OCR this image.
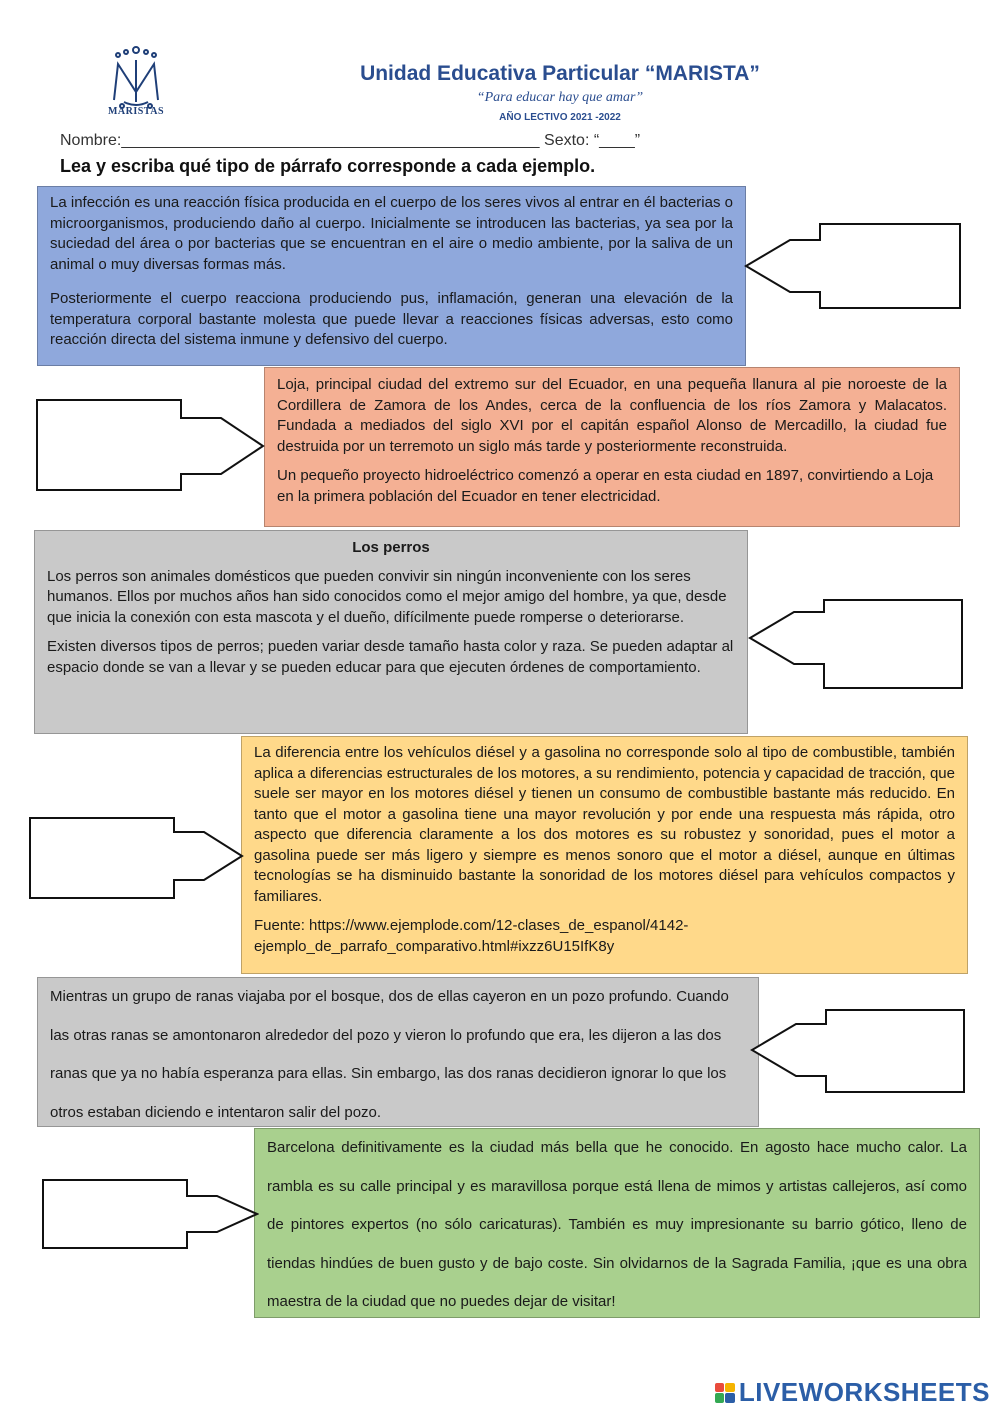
MARISTAS
Unidad Educativa Particular “MARISTA”
“Para educar hay que amar”
AÑO LECTIVO 2021 -2022
Nombre:_______________________________________________ Sexto: “____”
Lea y escriba qué tipo de párrafo corresponde a cada ejemplo.

La infección es una reacción física producida en el cuerpo de los seres vivos al entrar en él bacterias o microorganismos, produciendo daño al cuerpo. Inicialmente se introducen las bacterias, ya sea por la suciedad del área o por bacterias que se encuentran en el aire o medio ambiente, por la saliva de un animal o muy diversas formas más.

Posteriormente el cuerpo reacciona produciendo pus, inflamación, generan una elevación de la temperatura corporal bastante molesta que puede llevar a reacciones físicas adversas, esto como reacción directa del sistema inmune y defensivo del cuerpo.

Loja, principal ciudad del extremo sur del Ecuador, en una pequeña llanura al pie noroeste de la Cordillera de Zamora de los Andes, cerca de la confluencia de los ríos Zamora y Malacatos. Fundada a mediados del siglo XVI por el capitán español Alonso de Mercadillo, la ciudad fue destruida por un terremoto un siglo más tarde y posteriormente reconstruida.

Un pequeño proyecto hidroeléctrico comenzó a operar en esta ciudad en 1897, convirtiendo a Loja en la primera población del Ecuador en tener electricidad.

Los perros

Los perros son animales domésticos que pueden convivir sin ningún inconveniente con los seres humanos. Ellos por muchos años han sido conocidos como el mejor amigo del hombre, ya que, desde que inicia la conexión con esta mascota y el dueño, difícilmente puede romperse o deteriorarse.

Existen diversos tipos de perros; pueden variar desde tamaño hasta color y raza. Se pueden adaptar al espacio donde se van a llevar y se pueden educar para que ejecuten órdenes de comportamiento.

La diferencia entre los vehículos diésel y a gasolina no corresponde solo al tipo de combustible, también aplica a diferencias estructurales de los motores, a su rendimiento, potencia y capacidad de tracción, que suele ser mayor en los motores diésel y tienen un consumo de combustible bastante más reducido. En tanto que el motor a gasolina tiene una mayor revolución y por ende una respuesta más rápida, otro aspecto que diferencia claramente a los dos motores es su robustez y sonoridad, pues el motor a gasolina puede ser más ligero y siempre es menos sonoro que el motor a diésel, aunque en últimas tecnologías se ha disminuido bastante la sonoridad de los motores diésel para vehículos compactos y familiares.

Fuente: https://www.ejemplode.com/12-clases_de_espanol/4142-ejemplo_de_parrafo_comparativo.html#ixzz6U15IfK8y

Mientras un grupo de ranas viajaba por el bosque, dos de ellas cayeron en un pozo profundo. Cuando las otras ranas se amontonaron alrededor del pozo y vieron lo profundo que era, les dijeron a las dos ranas que ya no había esperanza para ellas. Sin embargo, las dos ranas decidieron ignorar lo que los otros estaban diciendo e intentaron salir del pozo.

Barcelona definitivamente es la ciudad más bella que he conocido. En agosto hace mucho calor. La rambla es su calle principal y es maravillosa porque está llena de mimos y artistas callejeros, así como de pintores expertos (no sólo caricaturas). También es muy impresionante su barrio gótico, lleno de tiendas hindúes de buen gusto y de bajo coste. Sin olvidarnos de la Sagrada Familia, ¡que es una obra maestra de la ciudad que no puedes dejar de visitar!

LIVEWORKSHEETS
